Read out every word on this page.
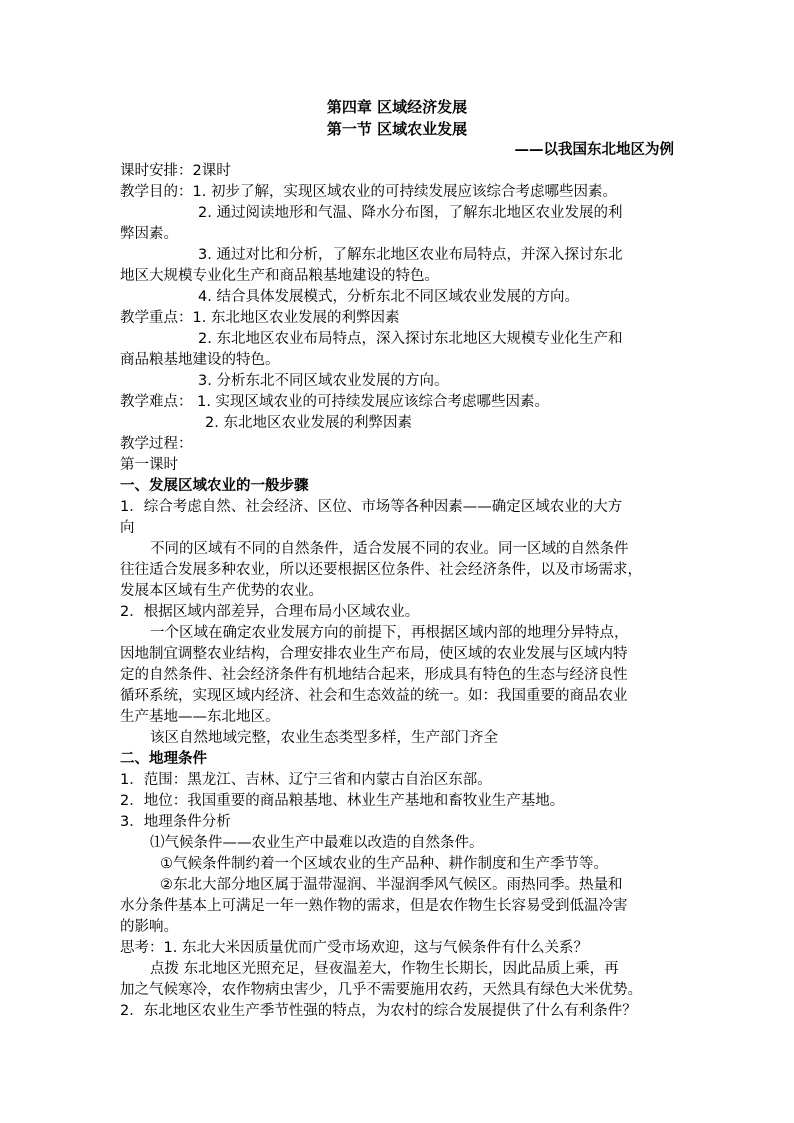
第四章 区域经济发展
第一节 区域农业发展
——以我国东北地区为例
课时安排：2课时
教学目的：1. 初步了解，实现区域农业的可持续发展应该综合考虑哪些因素。
2. 通过阅读地形和气温、降水分布图，了解东北地区农业发展的利
弊因素。
3. 通过对比和分析，了解东北地区农业布局特点，并深入探讨东北
地区大规模专业化生产和商品粮基地建设的特色。
4. 结合具体发展模式，分析东北不同区域农业发展的方向。
教学重点：1. 东北地区农业发展的利弊因素
2. 东北地区农业布局特点，深入探讨东北地区大规模专业化生产和
商品粮基地建设的特色。
3. 分析东北不同区域农业发展的方向。
教学难点： 1. 实现区域农业的可持续发展应该综合考虑哪些因素。
2. 东北地区农业发展的利弊因素
教学过程：
第一课时
一、发展区域农业的一般步骤
1．综合考虑自然、社会经济、区位、市场等各种因素——确定区域农业的大方
向
不同的区域有不同的自然条件，适合发展不同的农业。同一区域的自然条件
往往适合发展多种农业，所以还要根据区位条件、社会经济条件，以及市场需求，
发展本区域有生产优势的农业。
2．根据区域内部差异，合理布局小区域农业。
一个区域在确定农业发展方向的前提下，再根据区域内部的地理分异特点，
因地制宜调整农业结构，合理安排农业生产布局，使区域的农业发展与区域内特
定的自然条件、社会经济条件有机地结合起来，形成具有特色的生态与经济良性
循环系统，实现区域内经济、社会和生态效益的统一。如：我国重要的商品农业
生产基地——东北地区。
该区自然地域完整，农业生态类型多样，生产部门齐全
二、地理条件
1．范围：黑龙江、吉林、辽宁三省和内蒙古自治区东部。
2．地位：我国重要的商品粮基地、林业生产基地和畜牧业生产基地。
3．地理条件分析
⑴气候条件——农业生产中最难以改造的自然条件。
①气候条件制约着一个区域农业的生产品种、耕作制度和生产季节等。
②东北大部分地区属于温带湿润、半湿润季风气候区。雨热同季。热量和
水分条件基本上可满足一年一熟作物的需求，但是农作物生长容易受到低温冷害
的影响。
思考：1. 东北大米因质量优而广受市场欢迎，这与气候条件有什么关系？
点拨 东北地区光照充足，昼夜温差大，作物生长期长，因此品质上乘，再
加之气候寒冷，农作物病虫害少，几乎不需要施用农药，天然具有绿色大米优势。
2．东北地区农业生产季节性强的特点，为农村的综合发展提供了什么有利条件？
